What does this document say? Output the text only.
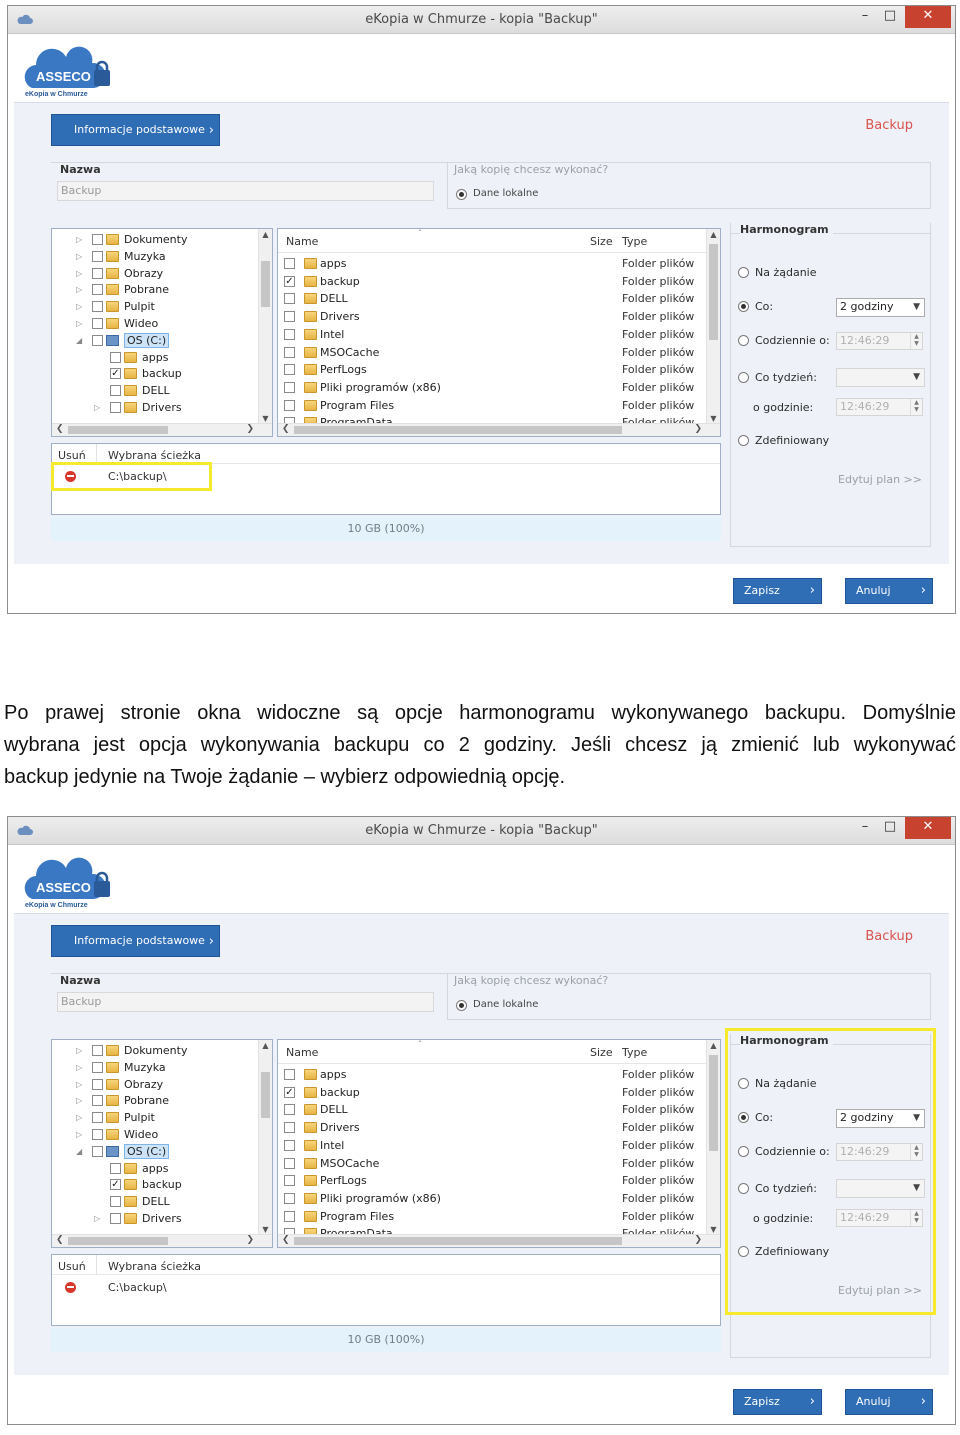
eKopia w Chmurze - kopia "Backup"	–	□	✕
ASSECO
eKopia w Chmurze
Informacje podstawowe ›	Backup
Nazwa
Backup
Jaką kopię chcesz wykonać?
Dane lokalne
▷	Dokumenty
▷	Muzyka
▷	Obrazy
▷	Pobrane
▷	Pulpit
▷	Wideo
◢	OS (C:)
apps
✓
backup
DELL
▷	Drivers
▲
▼
❮	❯
Name
ˆ
Size Type
apps	Folder plików
✓
backup	Folder plików
DELL	Folder plików
Drivers	Folder plików
Intel	Folder plików
MSOCache	Folder plików
PerfLogs	Folder plików
Pliki programów (x86)	Folder plików
Program Files	Folder plików
▲
▼
❮	❯
Usuń Wybrana ścieżka
C:\backup\
10 GB (100%)
Harmonogram
Na żądanie
Co:	2 godziny ▼
Codziennie o: 12:46:29	▲
▼
Co tydzień:	▼
o godzinie:	12:46:29	▲
▼
Zdefiniowany
Edytuj plan >>
Zapisz ›	Anuluj ›
Po prawej stronie okna widoczne są opcje harmonogramu wykonywanego backupu. Domyślnie
wybrana jest opcja wykonywania backupu co 2 godziny. Jeśli chcesz ją zmienić lub wykonywać
backup jedynie na Twoje żądanie – wybierz odpowiednią opcję.
eKopia w Chmurze - kopia "Backup"	–	□	✕
ASSECO
eKopia w Chmurze
Informacje podstawowe ›	Backup
Nazwa
Backup
Jaką kopię chcesz wykonać?
Dane lokalne
▷	Dokumenty
▷	Muzyka
▷	Obrazy
▷	Pobrane
▷	Pulpit
▷	Wideo
◢	OS (C:)
apps
✓
backup
DELL
▷	Drivers
▲
▼
❮	❯
Name
ˆ
Size Type
apps	Folder plików
✓
backup	Folder plików
DELL	Folder plików
Drivers	Folder plików
Intel	Folder plików
MSOCache	Folder plików
PerfLogs	Folder plików
Pliki programów (x86)	Folder plików
Program Files	Folder plików
▲
▼
❮	❯
Usuń Wybrana ścieżka
C:\backup\
10 GB (100%)
Harmonogram
Na żądanie
Co:	2 godziny ▼
Codziennie o: 12:46:29	▲
▼
Co tydzień:	▼
o godzinie:	12:46:29	▲
▼
Zdefiniowany
Edytuj plan >>
Zapisz ›	Anuluj ›
